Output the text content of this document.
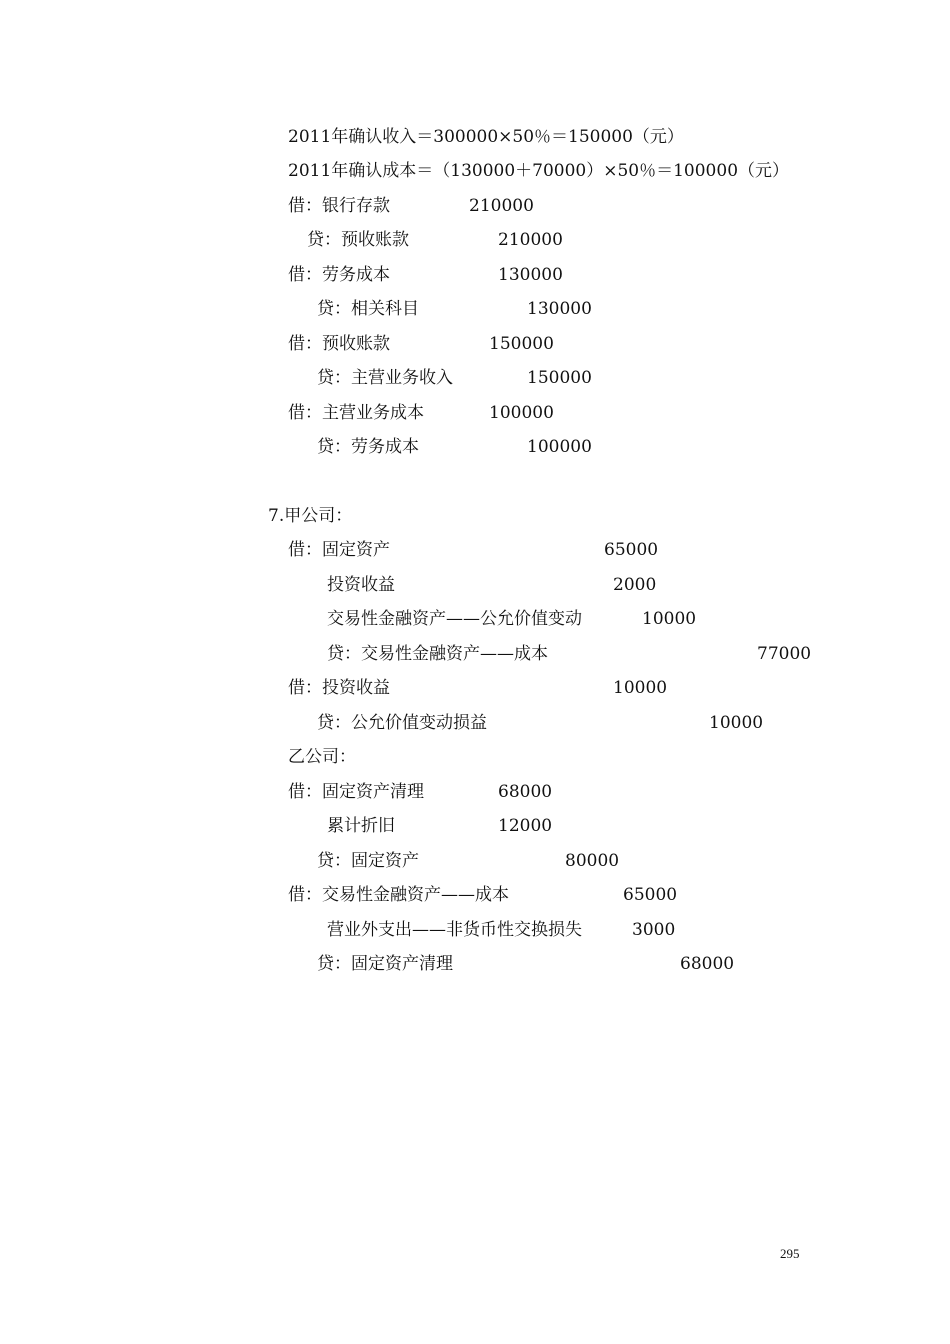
2011年确认收入＝300000×50％＝150000（元）
2011年确认成本＝（130000＋70000）×50％＝100000（元）
借：银行存款	210000
贷：预收账款	210000
借：劳务成本	130000
贷：相关科目	130000
借：预收账款	150000
贷：主营业务收入	150000
借：主营业务成本	100000
贷：劳务成本	100000
7.甲公司：
借：固定资产	65000
投资收益	2000
交易性金融资产——公允价值变动	10000
贷：交易性金融资产——成本	77000
借：投资收益	10000
贷：公允价值变动损益	10000
乙公司：
借：固定资产清理	68000
累计折旧	12000
贷：固定资产	80000
借：交易性金融资产——成本	65000
营业外支出——非货币性交换损失	3000
贷：固定资产清理	68000
295
